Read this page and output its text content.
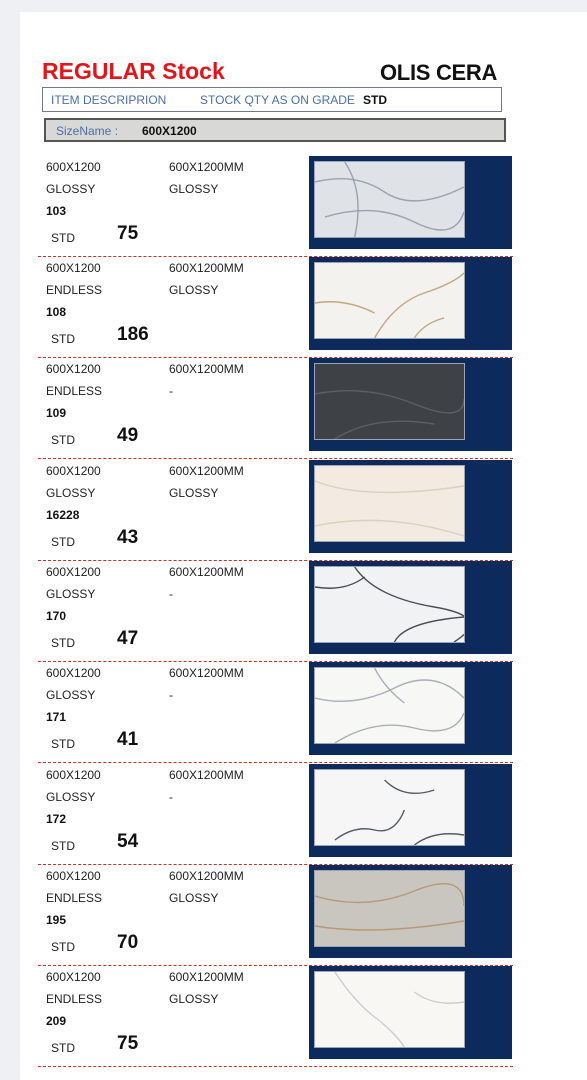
REGULAR Stock	OLIS CERA
ITEM DESCRIPRION	STOCK QTY AS ON GRADE STD
SizeName : 600X1200
600X1200
GLOSSY
103
STD 75
600X1200MM
GLOSSY
600X1200
ENDLESS
108
STD 186
600X1200MM
GLOSSY
600X1200
ENDLESS
109
STD 49
600X1200MM
-
600X1200
GLOSSY
16228
STD 43
600X1200MM
GLOSSY
600X1200
GLOSSY
170
STD 47
600X1200MM
-
600X1200
GLOSSY
171
STD 41
600X1200MM
-
600X1200
GLOSSY
172
STD 54
600X1200MM
-
600X1200
ENDLESS
195
STD 70
600X1200MM
GLOSSY
600X1200
ENDLESS
209
STD 75
600X1200MM
GLOSSY
